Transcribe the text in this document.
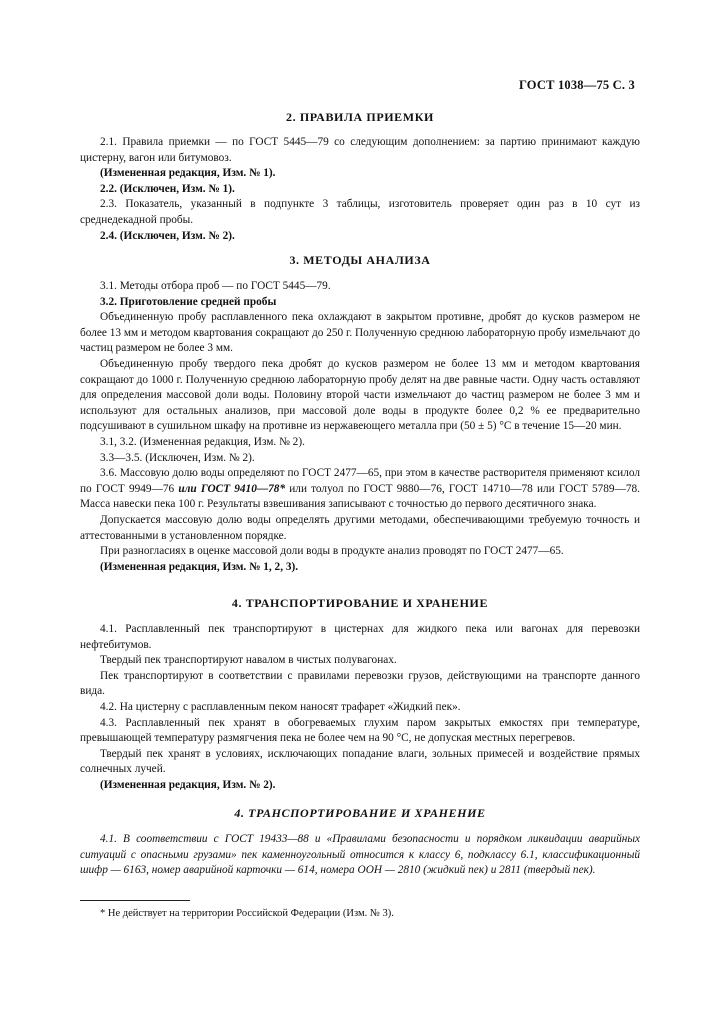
ГОСТ 1038—75 С. 3
2. ПРАВИЛА ПРИЕМКИ

2.1. Правила приемки — по ГОСТ 5445—79 со следующим дополнением: за партию принимают каждую цистерну, вагон или битумовоз.

(Измененная редакция, Изм. № 1).

2.2. (Исключен, Изм. № 1).

2.3. Показатель, указанный в подпункте 3 таблицы, изготовитель проверяет один раз в 10 сут из среднедекадной пробы.

2.4. (Исключен, Изм. № 2).

3. МЕТОДЫ АНАЛИЗА

3.1. Методы отбора проб — по ГОСТ 5445—79.

3.2. Приготовление средней пробы

Объединенную пробу расплавленного пека охлаждают в закрытом противне, дробят до кусков размером не более 13 мм и методом квартования сокращают до 250 г. Полученную среднюю лабораторную пробу измельчают до частиц размером не более 3 мм.

Объединенную пробу твердого пека дробят до кусков размером не более 13 мм и методом квартования сокращают до 1000 г. Полученную среднюю лабораторную пробу делят на две равные части. Одну часть оставляют для определения массовой доли воды. Половину второй части измельчают до частиц размером не более 3 мм и используют для остальных анализов, при массовой доле воды в продукте более 0,2 % ее предварительно подсушивают в сушильном шкафу на противне из нержавеющего металла при (50 ± 5) °С в течение 15—20 мин.

3.1, 3.2. (Измененная редакция, Изм. № 2).

3.3—3.5. (Исключен, Изм. № 2).

3.6. Массовую долю воды определяют по ГОСТ 2477—65, при этом в качестве растворителя применяют ксилол по ГОСТ 9949—76 или ГОСТ 9410—78* или толуол по ГОСТ 9880—76, ГОСТ 14710—78 или ГОСТ 5789—78. Масса навески пека 100 г. Результаты взвешивания записывают с точностью до первого десятичного знака.

Допускается массовую долю воды определять другими методами, обеспечивающими требуемую точность и аттестованными в установленном порядке.

При разногласиях в оценке массовой доли воды в продукте анализ проводят по ГОСТ 2477—65.

(Измененная редакция, Изм. № 1, 2, 3).

4. ТРАНСПОРТИРОВАНИЕ И ХРАНЕНИЕ

4.1. Расплавленный пек транспортируют в цистернах для жидкого пека или вагонах для перевозки нефтебитумов.

Твердый пек транспортируют навалом в чистых полувагонах.

Пек транспортируют в соответствии с правилами перевозки грузов, действующими на транспорте данного вида.

4.2. На цистерну с расплавленным пеком наносят трафарет «Жидкий пек».

4.3. Расплавленный пек хранят в обогреваемых глухим паром закрытых емкостях при температуре, превышающей температуру размягчения пека не более чем на 90 °С, не допуская местных перегревов.

Твердый пек хранят в условиях, исключающих попадание влаги, зольных примесей и воздействие прямых солнечных лучей.

(Измененная редакция, Изм. № 2).

4. ТРАНСПОРТИРОВАНИЕ И ХРАНЕНИЕ

4.1. В соответствии с ГОСТ 19433—88 и «Правилами безопасности и порядком ликвидации аварийных ситуаций с опасными грузами» пек каменноугольный относится к классу 6, подклассу 6.1, классификационный шифр — 6163, номер аварийной карточки — 614, номера ООН — 2810 (жидкий пек) и 2811 (твердый пек).

* Не действует на территории Российской Федерации (Изм. № 3).
